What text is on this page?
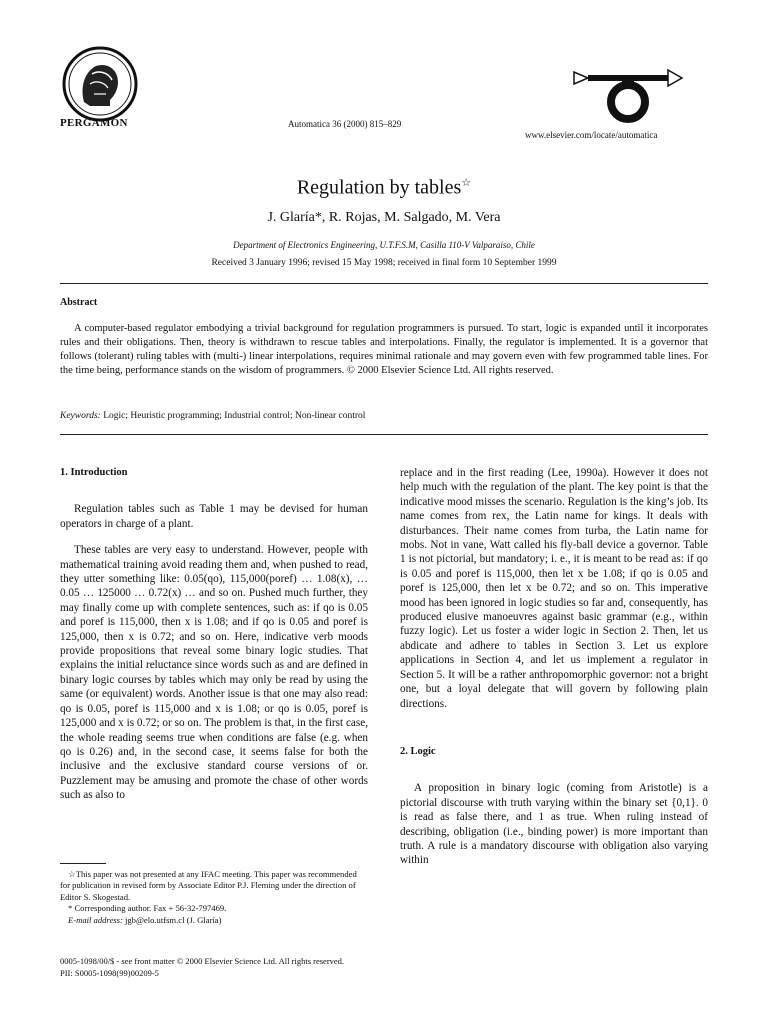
PERGAMON	Automatica 36 (2000) 815–829
www.elsevier.com/locate/automatica
Regulation by tables☆
J. Glaría*, R. Rojas, M. Salgado, M. Vera
Department of Electronics Engineering, U.T.F.S.M, Casilla 110-V Valparaiso, Chile
Received 3 January 1996; revised 15 May 1998; received in final form 10 September 1999
Abstract
A computer-based regulator embodying a trivial background for regulation programmers is pursued. To start, logic is expanded until it incorporates rules and their obligations. Then, theory is withdrawn to rescue tables and interpolations. Finally, the regulator is implemented. It is a governor that follows (tolerant) ruling tables with (multi-) linear interpolations, requires minimal rationale and may govern even with few programmed table lines. For the time being, performance stands on the wisdom of programmers. © 2000 Elsevier Science Ltd. All rights reserved.
Keywords: Logic; Heuristic programming; Industrial control; Non-linear control
1. Introduction

Regulation tables such as Table 1 may be devised for human operators in charge of a plant.

These tables are very easy to understand. However, people with mathematical training avoid reading them and, when pushed to read, they utter something like: 0.05(qo), 115,000(poref) … 1.08(x), … 0.05 … 125000 … 0.72(x) … and so on. Pushed much further, they may finally come up with complete sentences, such as: if qo is 0.05 and poref is 115,000, then x is 1.08; and if qo is 0.05 and poref is 125,000, then x is 0.72; and so on. Here, indicative verb moods provide propositions that reveal some binary logic studies. That explains the initial reluctance since words such as and are defined in binary logic courses by tables which may only be read by using the same (or equivalent) words. Another issue is that one may also read: qo is 0.05, poref is 115,000 and x is 1.08; or qo is 0.05, poref is 125,000 and x is 0.72; or so on. The problem is that, in the first case, the whole reading seems true when conditions are false (e.g. when qo is 0.26) and, in the second case, it seems false for both the inclusive and the exclusive standard course versions of or. Puzzlement may be amusing and promote the chase of other words such as also to

replace and in the first reading (Lee, 1990a). However it does not help much with the regulation of the plant. The key point is that the indicative mood misses the scenario. Regulation is the king’s job. Its name comes from rex, the Latin name for kings. It deals with disturbances. Their name comes from turba, the Latin name for mobs. Not in vane, Watt called his fly-ball device a governor. Table 1 is not pictorial, but mandatory; i. e., it is meant to be read as: if qo is 0.05 and poref is 115,000, then let x be 1.08; if qo is 0.05 and poref is 125,000, then let x be 0.72; and so on. This imperative mood has been ignored in logic studies so far and, consequently, has produced elusive manoeuvres against basic grammar (e.g., within fuzzy logic). Let us foster a wider logic in Section 2. Then, let us abdicate and adhere to tables in Section 3. Let us explore applications in Section 4, and let us implement a regulator in Section 5. It will be a rather anthropomorphic governor: not a bright one, but a loyal delegate that will govern by following plain directions.

2. Logic

A proposition in binary logic (coming from Aristotle) is a pictorial discourse with truth varying within the binary set {0,1}. 0 is read as false there, and 1 as true. When ruling instead of describing, obligation (i.e., binding power) is more important than truth. A rule is a mandatory discourse with obligation also varying within

☆This paper was not presented at any IFAC meeting. This paper was recommended for publication in revised form by Associate Editor P.J. Fleming under the direction of Editor S. Skogestad.

* Corresponding author. Fax + 56-32-797469.

E-mail address: jgb@elo.utfsm.cl (J. Glaría)

0005-1098/00/$ - see front matter © 2000 Elsevier Science Ltd. All rights reserved.
PII: S0005-1098(99)00209-5
